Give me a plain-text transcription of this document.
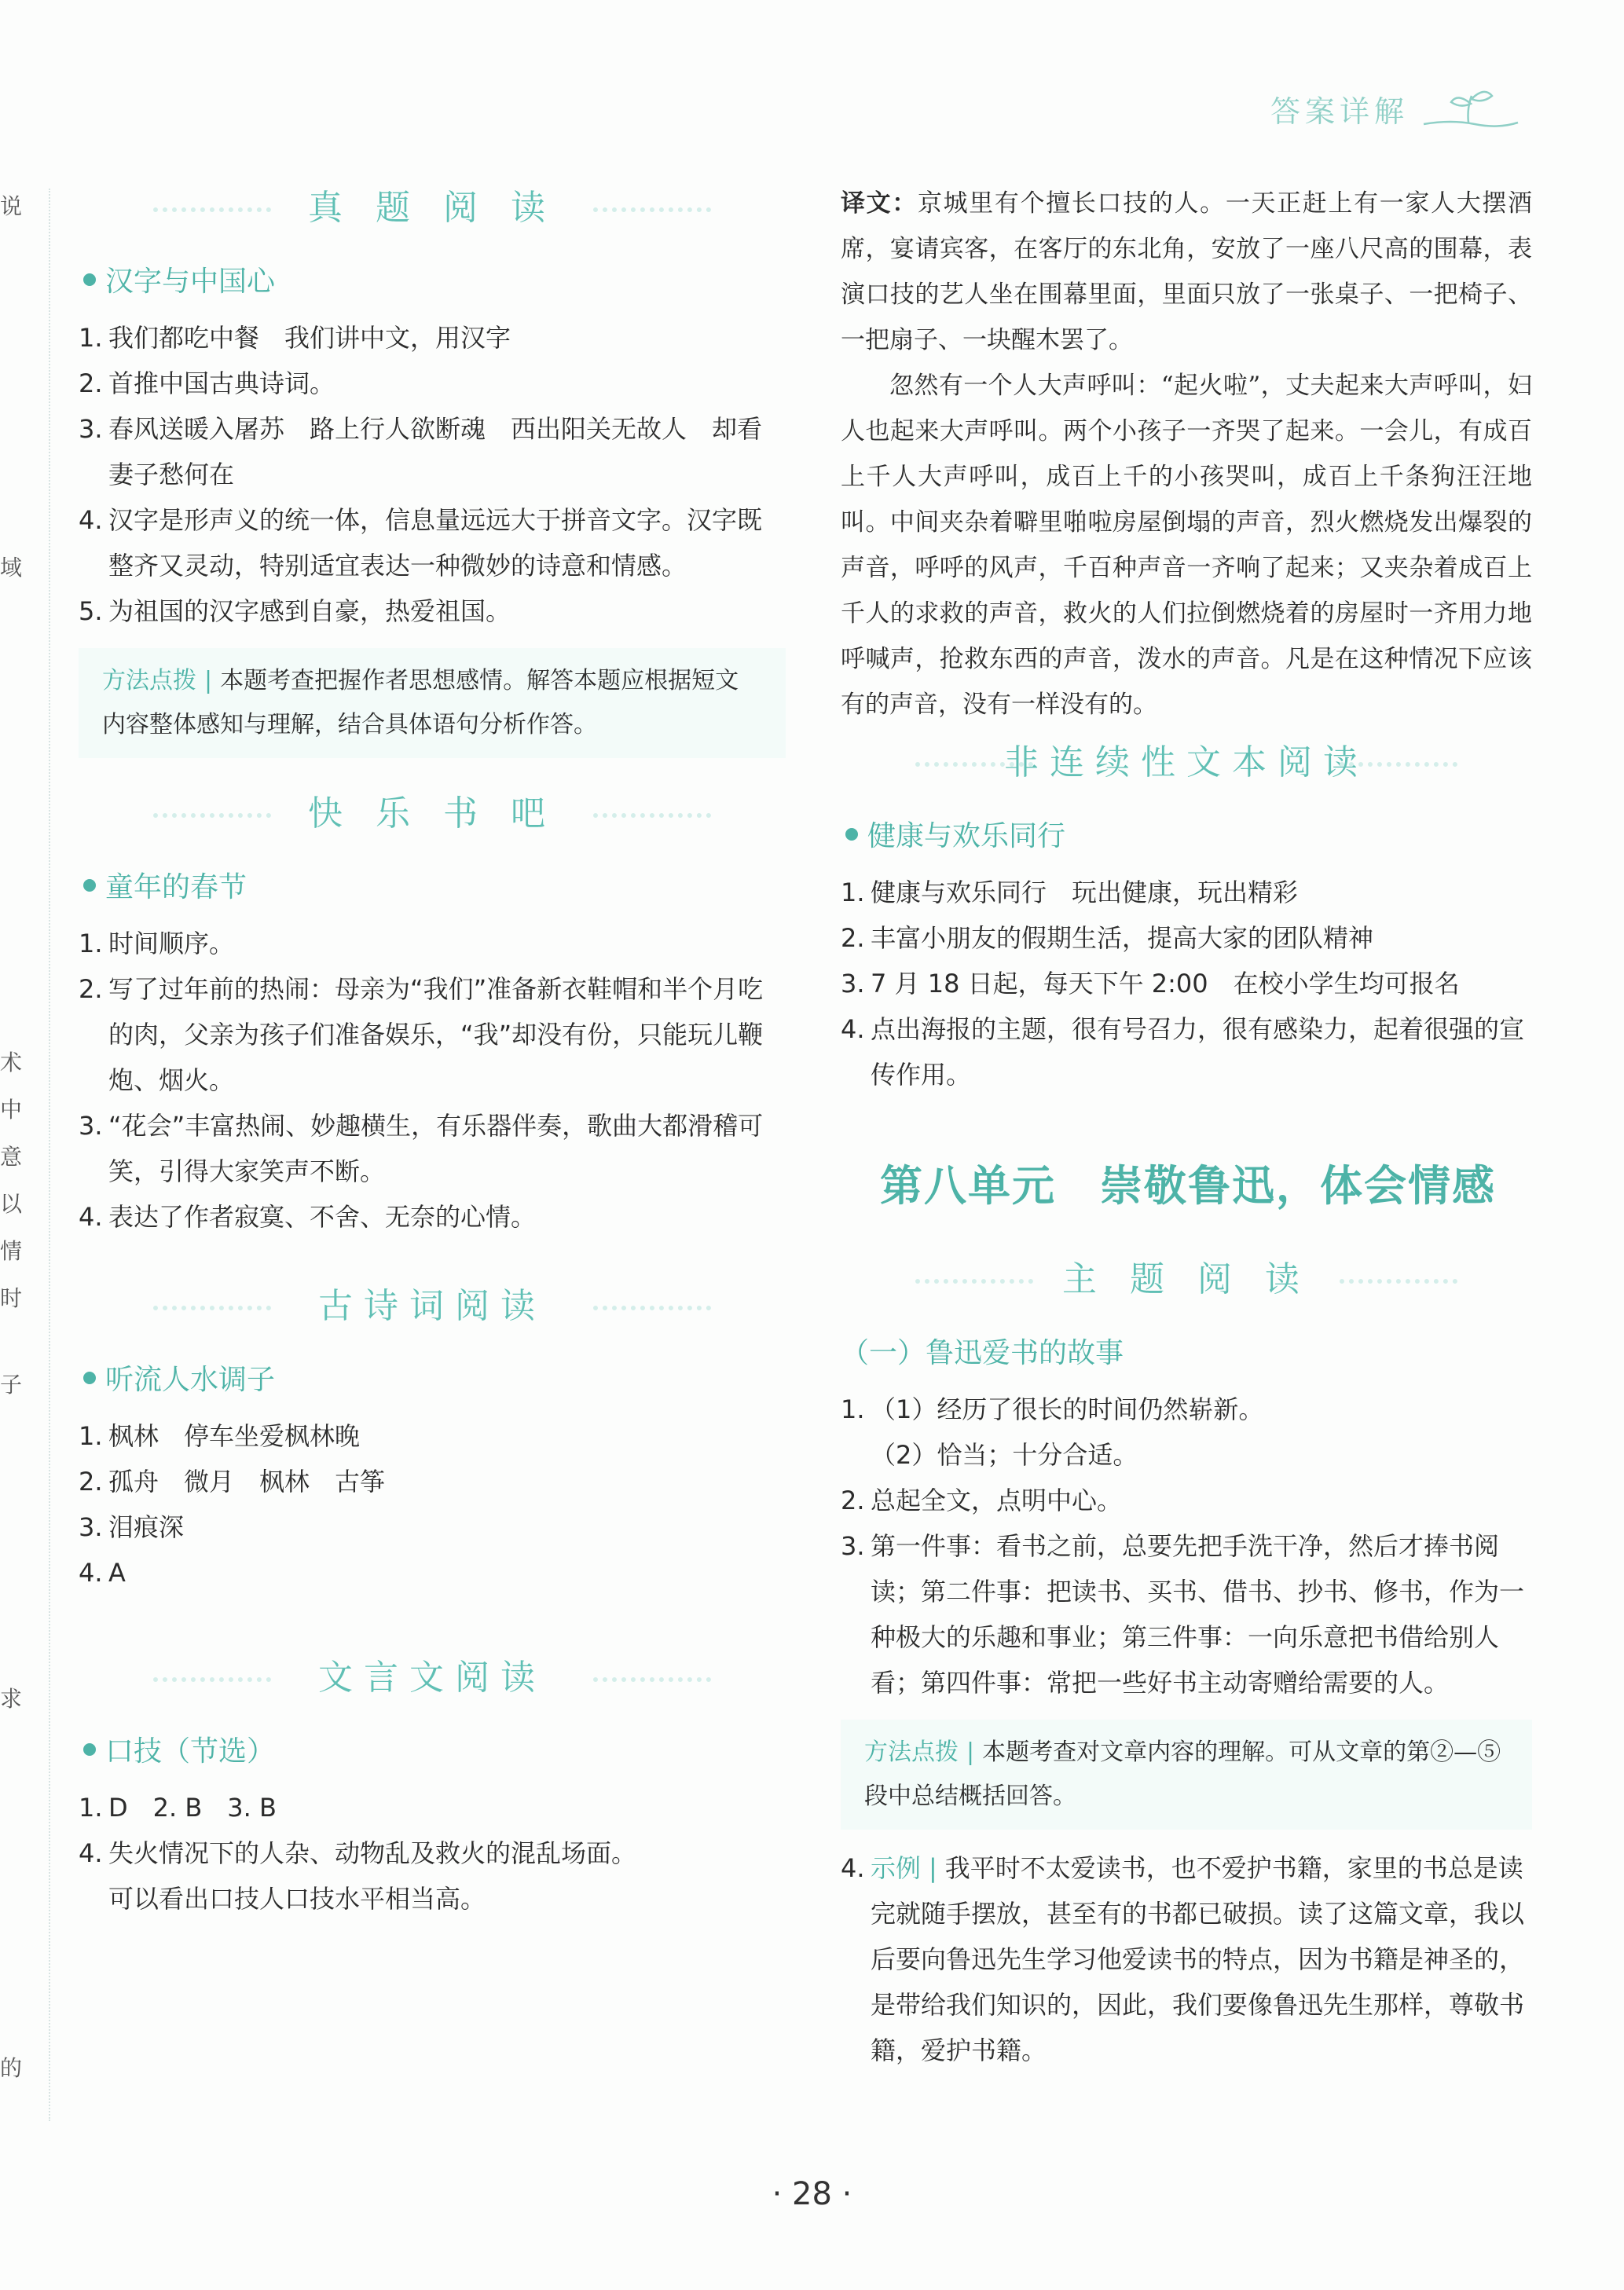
答案详解
说
域
术
中
意
以
情
时
子
求
的
真 题 阅 读
汉字与中国心
1. 我们都吃中餐　我们讲中文，用汉字
2. 首推中国古典诗词。
3. 春风送暖入屠苏　路上行人欲断魂　西出阳关无故人　却看妻子愁何在
4. 汉字是形声义的统一体，信息量远远大于拼音文字。汉字既整齐又灵动，特别适宜表达一种微妙的诗意和情感。
5. 为祖国的汉字感到自豪，热爱祖国。
方法点拨 | 本题考查把握作者思想感情。解答本题应根据短文内容整体感知与理解，结合具体语句分析作答。
快 乐 书 吧
童年的春节
1. 时间顺序。
2. 写了过年前的热闹：母亲为“我们”准备新衣鞋帽和半个月吃的肉，父亲为孩子们准备娱乐，“我”却没有份，只能玩儿鞭炮、烟火。
3. “花会”丰富热闹、妙趣横生，有乐器伴奏，歌曲大都滑稽可笑，引得大家笑声不断。
4. 表达了作者寂寞、不舍、无奈的心情。
古诗词阅读
听流人水调子
1. 枫林　停车坐爱枫林晚
2. 孤舟　微月　枫林　古筝
3. 泪痕深
4. A
文言文阅读
口技（节选）
1. D　2. B　3. B
4. 失火情况下的人杂、动物乱及救火的混乱场面。
可以看出口技人口技水平相当高。
译文：京城里有个擅长口技的人。一天正赶上有一家人大摆酒席，宴请宾客，在客厅的东北角，安放了一座八尺高的围幕，表演口技的艺人坐在围幕里面，里面只放了一张桌子、一把椅子、一把扇子、一块醒木罢了。
忽然有一个人大声呼叫：“起火啦”，丈夫起来大声呼叫，妇人也起来大声呼叫。两个小孩子一齐哭了起来。一会儿，有成百上千人大声呼叫，成百上千的小孩哭叫，成百上千条狗汪汪地叫。中间夹杂着噼里啪啦房屋倒塌的声音，烈火燃烧发出爆裂的声音，呼呼的风声，千百种声音一齐响了起来；又夹杂着成百上千人的求救的声音，救火的人们拉倒燃烧着的房屋时一齐用力地呼喊声，抢救东西的声音，泼水的声音。凡是在这种情况下应该有的声音，没有一样没有的。
非连续性文本阅读
健康与欢乐同行
1. 健康与欢乐同行　玩出健康，玩出精彩
2. 丰富小朋友的假期生活，提高大家的团队精神
3. 7 月 18 日起，每天下午 2:00　在校小学生均可报名
4. 点出海报的主题，很有号召力，很有感染力，起着很强的宣传作用。
第八单元　崇敬鲁迅，体会情感
主 题 阅 读
（一）鲁迅爱书的故事
1. （1）经历了很长的时间仍然崭新。
（2）恰当；十分合适。
2. 总起全文，点明中心。
3. 第一件事：看书之前，总要先把手洗干净，然后才捧书阅读；第二件事：把读书、买书、借书、抄书、修书，作为一种极大的乐趣和事业；第三件事：一向乐意把书借给别人看；第四件事：常把一些好书主动寄赠给需要的人。
方法点拨 | 本题考查对文章内容的理解。可从文章的第②—⑤段中总结概括回答。
4. 示例 | 我平时不太爱读书，也不爱护书籍，家里的书总是读完就随手摆放，甚至有的书都已破损。读了这篇文章，我以后要向鲁迅先生学习他爱读书的特点，因为书籍是神圣的，是带给我们知识的，因此，我们要像鲁迅先生那样，尊敬书籍，爱护书籍。
· 28 ·
